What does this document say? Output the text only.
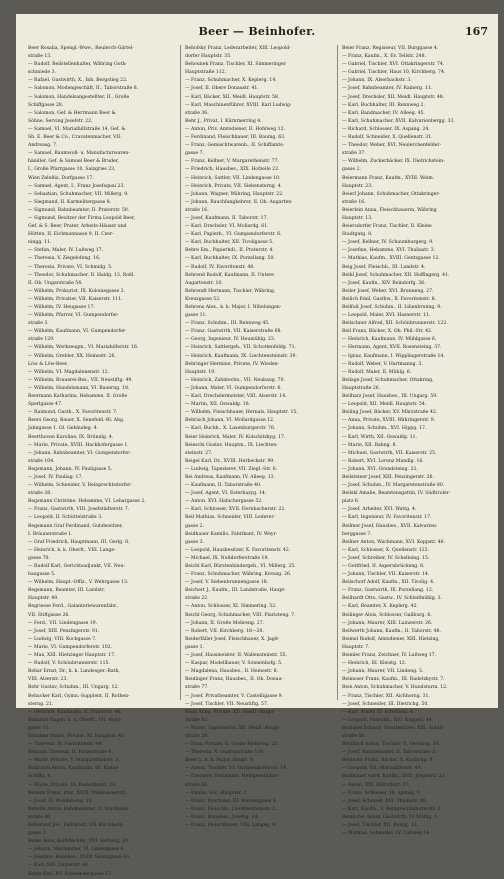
Beer — Beinhofer.	167
Beer Rosalia, Spengl.-Wwe., Reulerch-Gärtel-
straße 13.
— Rudolf, Beilstellenhalter, Währing Goth-
schmiede 3.
— Rafael, Gastwirth, X., Inh. Bergstieg 22.
— Salomon, Modengeschäft, II., Taborstraße 8.
— Salomon, Handelsangestellter, II., Große
Schiffgasse 28.
— Salomon, Gef. & Herrmann Beer &
Söhne, Serving Josefstr. 22.
— Samuel, VI. Marialhilfstraße 14, Gef. &
Sh. E. Beer & Co., Cravatenmacher, VII.
Andreasg. 7.
— Samuel, Baumwoll- u. Manufacturwaren-
händler, Gef. & Samuel Beer & Bruder,
I., Große Pfarrgasse 10, Salzgries 23,
Wien Zeleßia, Dorfgasse 17.
— Samuel, Agent, I., Franz Josefsquai 23.
— Sebastian, Schuhmacher, VII. Millerg. 9.
— Siegmund, II. Karmelitergasse 8.
— Sigmund, Bahnbeamter, II. Praterstr. 50.
— Sigmund, Besitzer der Firma Leopold Beer,
Gef. & S. Beer, Prater, Arbeits-Häuser und
Hütten, II. Eichmannasse 9, II. Czer-
ningg. 11.
— Stefan, Maler, IV. Lußweg 17.
— Theresia, V. Ziegelofeng. 16.
— Theresia, Private, VI. Schmidg. 5.
— Theodor, Schuhmacher, II. Haidg. 13, Roßl.
II. Ob. Ungarstraße 54.
— Wilhelm, Prokurist, IX. Koloniegasse 2.
— Wilhelm, Privatier, VII. Kaiserstr. 111.
— Wilhelm, IV. Heugasse 17.
— Wilhelm, Pfarrer, VI. Gumpendorfer-
straße 3.
— Wilhelm, Kaufmann, VI. Gumpendorfer-
straße 129.
— Wilhelm, Werkzeugm., VI. Mariahilferstr. 16.
— Wilhelm, Grebler, XX. Heinestr. 26.
Löw & Löw-Beer.
— Wilhelm, VI. Magdalenenstr. 12.
— Wilhelm, Brauerei-Bes., VII. Neustiftg. 49.
— Wilhelm, Handelsmann, VI. Bauerng. 18.
Beermann Katharina, Hebamme, II. Große
Sperlgasse 47.
— Raimund, Gasth., X. Favoritenstr. 7.
Beers Georg, Bauer, X. Senefeld.-Bl. Abg.
Jahngasse 1. Ol. Gebäudeg. 4.
Beerthoven Karoline, IX. Brünnlg. 4.
— Marie, Private, XVIII. Hackhofergasse 1.
— Johann, Bahnbeamter, VI. Gumpendorfer-
straße 104.
Begsmann, Johann, IV. Pauligasse 5.
— Josef, IV. Pauliag. 17.
— Wilhelm, Schneider, V. Reinprechtsdorfer-
straße 38.
Begsmann Christine, Hebamme, VI. Lehargasse 2.
— Franz, Gastwirth, VIII. Josefstädterstr. 7.
— Leopold, II. Schüttelstraße 3.
Begsmann Graf Ferdinand, Gutsbesitzer,
I. Bräunerstraße 1.
— Graf Friedrich, Hauptmann, III. Gerlg. 8.
— Heinrich, k. k. Oberlt., VIII. Lange-
gasse 70.
— Rudolf Karl, Gerichtsadjunkt, VII. Neu-
baugasse 5.
— Wilhelm, Haupt.-Offiz., V. Wehrgasse 13.
Begsmann, Beamter, III. Landstr.
Hauptstr. 49.
Begriesse Ferd., Galanteriewarenfabr.,
VII. Stiftgasse 26.
— Ferd., VII. Lindengasse 19.
— Josef, XIII. Penzingerstr. 91.
— Ludwig, VIII. Kochgasse 7.
— Marie, VI. Gumpendorferstr. 102.
— Max, XIII. Hietzinger Hauptstr. 17.
— Rudolf, V. Schönbrunnerstr. 115.
Behar Ernst, Dr., k. k. Landesger.-Rath,
VIII. Alserstr. 23.
Behr Gustav, Schuhm., III. Ungarg. 12.
Behacker Karl, Gymn.-Supplent, II. Rothen-
sterng. 21.
— Heinrich, Kaufmann, II. Praterstr. 44.
Behaimb Eugen, k. k. Oberlt., VII. Burg-
gasse 11.
Behamer Marie, Private, XI. Hauptstr. 45.
— Theresia, IV. Favoritenstr. 49.
Behaum Theresia, II. Heinestraße 9.
— Marie, Private, V. Margarethenstr. 3.
Behbaum Anton, Kaufmann, III. Kleine
Schiffg. 4.
— Marie, Private, III. Radetzkystr. 24.
Beheim Franz, Priv., XVIII. Weinhauserstr.
— Josef, IV. Wohllebeng. 10.
Behelfe Anton, Bahnbeamter, II. Nordbahn-
straße 40.
Beherund Jos., Fabrikant, VII. Kirchberg-
gasse 2.
Behie Alois, Korbflechter, XVI. Herbstg. 29.
— Johann, Mechaniker, VI. Liniengasse 6.
— Josefine, Hausbes., XVIII. Gentzgasse 10.
— Karl, XIII. Linzerstr. 48.
Behm Karl, XV. Schwendergasse 17.
Behofsky Franz, Lederarbeiter, XIII. Leopold-
dorfer Hauptstr. 35.
Behounek Franz, Tischler, XI. Simmeringer
Hauptstraße 112.
— Franz, Schuhmacher, X. Keplerg. 14.
— Josef, II. Obere Donaustr. 41.
— Karl, Bäcker, XII. Meidl. Hauptstr. 58.
— Karl, Maschinenführer, XVIII. Karl Ludwig-
straße 36.
Behr J., Privat, I. Kärntnerring 4.
— Anton, Priv. Amtsdiener, II. Hohlweg 12.
— Ferdinand, Fleischhauer, III. Baumg. 63.
— Franz, Gemischtwarenh., II. Schiffamts-
gasse 7.
— Franz, Kellner, V. Margarethenstr. 77.
— Friedrich, Hausbes., XIX. Hofzeile 22.
— Heinrich, Sattler, VII. Lindengasse 10.
— Heinrich, Private, VII. Siebensterng. 4.
— Johann, Wagner, Währing, Hauptstr. 22.
— Johann, Rauchfangkehrer, II. Ob. Augarten-
straße 16.
— Josef, Kaufmann, II. Taborstr. 17.
— Karl, Drechsler, VI. Mollardg. 61.
— Karl, Papierh., VI. Gumpendorferstr. 6.
— Karl, Buchhalter, XII. Tivoligasse 5.
Behre Em., Papierhdl., II. Praterstr. 4.
— Karl, Buchhalter, IX. Porzellang. 50.
— Rudolf, IV. Favoritenstr. 48.
Behrend Rudolf, Kaufmann, II. Untere
Augartenstr. 10.
Behrendt Hermann, Tischler, Währing,
Kreuzgasse 52.
Behrens Alex., k. k. Major, I. Nibelungen-
gasse 11.
— Franz, Schuhm., III. Rennweg 45.
— Franz, Gastwirth, VII. Kaiserstraße 68.
— Georg, Ingenieur, IV. Heumühlg. 23.
— Heinrich, Sattlergeh., VII. Schottenfeldg. 71.
— Heinrich, Kaufmann, IX. Liechtensteinstr. 39.
Behringer Hermine, Private, IV. Wieden-
Hauptstr. 19.
— Heinrich, Zahntechn., VII. Neubaug. 70.
— Johann, Maler, VI. Gumpendorferstr. 6.
— Karl, Drechslermeister, VIII. Alserstr. 14.
— Martin, XII. Oswaldg. 18.
— Wilhelm, Fleischhauer, Hernals, Hauptstr. 15.
Behrisch Johann, VI. Mollardgasse 12.
— Karl, Buchh., X. Laxenburgerstr. 76.
Beier Heinrich, Maler, IV. Kolschitzkyg. 17.
Beieschi Gustav, Hauptm., IX. Liechten-
steinstr. 27.
Beigel Karl, Dr., XVIII. Herbeckstr. 99.
— Ludwig, Tapezierer, VII. Ziegl.-Str. 6.
Bei Andreas, Kaufmann, IV. Alleeg. 13.
— Kaufmann, II. Taborstraße 40.
— Josef, Agent, VI. Esterhazyg. 14.
— Anton, XVI. Habichergasse 52.
— Karl, Schlosser, XVII. Dornbacherstr. 22.
Beil Mathias, Schneider, VIII. Lederer-
gasse 2.
Beidhauer Kamillo, Fabrikant, IV. Weyr-
gasse 3.
— Leopold, Hausbesitzer, X. Favoritenstr. 42.
— Michael, IX. Nußdorferstraße 19.
Beichl Karl, Bürstenbindergeh., VI. Millerg. 25.
— Franz, Schuhmacher, Währing, Kreuzg. 26.
— Josef, V. Siebenbrunnengasse 18.
Beichert J., Kaufm., III. Landstraße, Haupt-
straße 22.
— Anton, Schlosser, XI. Simmering. 52.
Beichl Georg, Schuhmacher, VIII. Piaristeng. 7.
— Johann, II. Große Mohreng. 27.
— Robert, VII. Kirchberg. 18—20.
Beiderfäller Josef, Fleischhauer, X. Jagd-
gasse 1.
— Josef, Hausmeister, II. Wallensteinstr. 55.
— Kaspar, Modellbauer, V. Sonnenhofg. 5.
— Magdalena, Hausbes., II. Heinestr. 8.
Beidinger Franz, Hausbes., II. Ob. Donau-
straße 77.
— Josef, Privatbeamter, V. Castelligasse 9.
— Josef, Tischler, VII. Neustiftg. 57.
Beidl Anna, Private, XII. Meidl. Haupt-
straße 82.
— Marie, Taglöhnerin, XII. Meidl. Haupt-
straße 29.
— Rosa, Private, II. Große Mohreng. 22.
— Theresia, X. Gudrunstraße 124.
Beier J., k. k. Major, Haupt. 9.
— Anton, Tischler, VI. Gumpendorferstr. 14.
— Eleonore, Hebamme, Heiligenstädter-
straße 66.
— Emilie, Soc. Hauptstr. 1.
— Franz, Drechsler, III. Marxergasse 4.
— Franz, Fleischh., Liechtensteinstr. 2.
— Franz, Hausbes., Josefsg. 14.
— Franz, Fleischhauer, VIII. Langeg. 9.
Beier Franz, Regisseur, VII. Burggasse 4.
— Franz, Kaufm., X. Ev. Tellstr. 248.
— Gabriel, Tischler, XVI. Ottakringerstr. 74.
— Gabriel, Tischler, Haus 10, Kirchberg. 74.
— Johann, IX. Alserbachstr. 3.
— Josef, Bahnbeamter, IV. Rainerg. 11.
— Josef, Drechsler, XII. Meidl. Hauptstr. 48.
— Karl, Buchhalter, III. Rennweg 2.
— Karl, Bandmacher, IV. Alleeg. 45.
— Karl, Schuhmacher, XVII. Kalvarienbergg. 33.
— Richard, Schlosser, IX. Aspang. 24.
— Rudolf, Schneider, X. Quellenstr. 31.
— Theodor, Weber, XVI. Neulerchenfelder-
straße 37.
— Wilhelm, Zuckerbäcker, IX. Dietrichstein-
gasse 2.
Beiermann Franz, Kaufm., XVIII. Weim.
Hauptstr. 23.
Beierl Johann, Schuhmacher, Ottakringer-
straße 16.
Beierlein Anna, Fleischhauerin, Währing
Hauptstr. 13.
Beiersdorfer Franz, Tischler, II. Kleine
Stadtgutg. 8.
— Josef, Kellner, IV. Schaumburgerg. 9.
— Josefine, Hebamme, XVI. Thaliastr. 3.
— Mathias, Kaufm., XVIII. Gentzgasse 12.
Beig Josef, Fleischh., III. Landstr. 4.
Beihl Josef, Schuhmacher, XII. Hoffingerg. 41.
— Josef, Kaufm., XIV. Reindorfg. 36.
Beiler Josef, Weber, XVI. Brunneng. 27.
Beilich Emil, Gasthw., X. Favoritenstr. 8.
Beilfuß Josef, Schuhm., II. Lilienbrunng. 9.
— Leopold, Maler, XVI. Hasnerstr. 11.
Beilschner Alfred, XII. Schönbrunnerstr. 122.
Beil Franz, Bäcker, X. Ob. Phil.-Str. 42.
— Heinrich, Kaufmann, IV. Mühlgasse 6.
— Hermann, Agent, XVII. Rosensteing. 37.
— Ignaz, Kaufmann, I. Wipplingerstraße 14.
— Rudolf, Weber, V. Hartmanng. 3.
— Rudolf, Maler, II. Mühlg. 6.
Beilage Josef, Schuhmacher, Ottakring,
Hauptstraße 26.
Beilharz Josef, Hausbes., III. Ungarg. 59.
— Leopold, XII. Meidl. Hauptstr. 54.
Beiling Josef, Bäcker, XV. Märzstraße 42.
— Anna, Private, XVIII. Währingerstr. 9.
— Johann, Schuhm., XVI. Hippg. 17.
— Karl, Wirth, XII. Oswaldg. 11.
— Marie, XII. Bahng. 8.
— Michael, Gastwirth, VII. Kaiserstr. 25.
— Robert, XVI. Lorenz Mandlg. 16.
— Johann, XVI. Grundsteing. 22.
Beilsteiner Josef, XIII. Penzingerstr. 26.
— Josef, Schuhm., IV. Margaretenstraße 80.
Beilskl Amalie, Beamtensgattin, IV. Südtiroler-
platz 6.
— Josef, Arbeiter, XVI. Wattg. 4.
— Karl, Ingenieur, IV. Favoritenstr. 17.
Beilmer Josef, Hausbes., XVII. Kalvarien-
berggasse 7.
Beilner Anton, Wachmann, XVI. Koppstr. 46.
— Karl, Schlosser, X. Quellenstr. 123.
— Josef, Schreiber, IV. Schelleing. 15.
— Gottfried, II. Aspernbrückeng. 6.
— Johann, Tischler, VII. Kaiserstr. 14.
Beilschorf Adolf, Kaufm., XII. Tivolig. 4.
— Franz, Gastwirth, IX. Porzellang. 12.
Beilhardt Otto, Gastw., IV. Schleifmühlg. 3.
— Karl, Beamter, X. Keplerg. 42.
Beilinger Alois, Schlosser, Gailburg. 6.
— Johann, Maurer, XIII. Lainzerstr. 26.
Beilwerth Johann, Kaufm., II. Taborstr. 48.
Beimel Rudolf, Amtsdiener, XIII. Hietzing,
Hauptstr. 7.
Beimler Franz, Zeichner, IV. Lußweg 17.
— Heinrich, III. Kleistg. 12.
— Johann, Maurer, VII. Lindeng. 5.
Beimoser Franz, Kaufm., III. Radetzkystr. 7.
Bein Anton, Schuhmacher, V. Hundsturm. 12.
— Franz, Tischler, XII. Aichhorng. 31.
— Josef, Schneider, III. Dietrichg. 50.
— Karl, Maler, IV. Schwindg. 4.
— Leopold, Fleischh., XVI. Koppstr. 44.
Beinabel Eduard, Hausbesitzer, XIII. Auhof-
straße 56.
Beinbäck Anton, Tischler, II. Vereinsg. 14.
— Josef, Bahnbeamter, II. Taborstraße 3.
Beineder Franz, Bäcker, X. Kudlichg. 8.
— Leopold, VII. Mariahilferstr. 44.
Beinhauer Adolf, Kaufm., XVII. Jörgerstr. 23.
— Anton, XIX. Billrothstr. 17.
— Franz, Schlosser, IX. Spitalg. 9.
— Josef, Schmied, XVI. Thaliastr. 80.
— Karl, Kaufm., V. Reinprechtsdorferstr. 3.
Beinhofer Anton, Gastwirth, IV. Mühlg. 1.
— Josef, Tischler, XII. Bonyg. 12.
— Mathias, Schneider, IV. Lußweg 14.
